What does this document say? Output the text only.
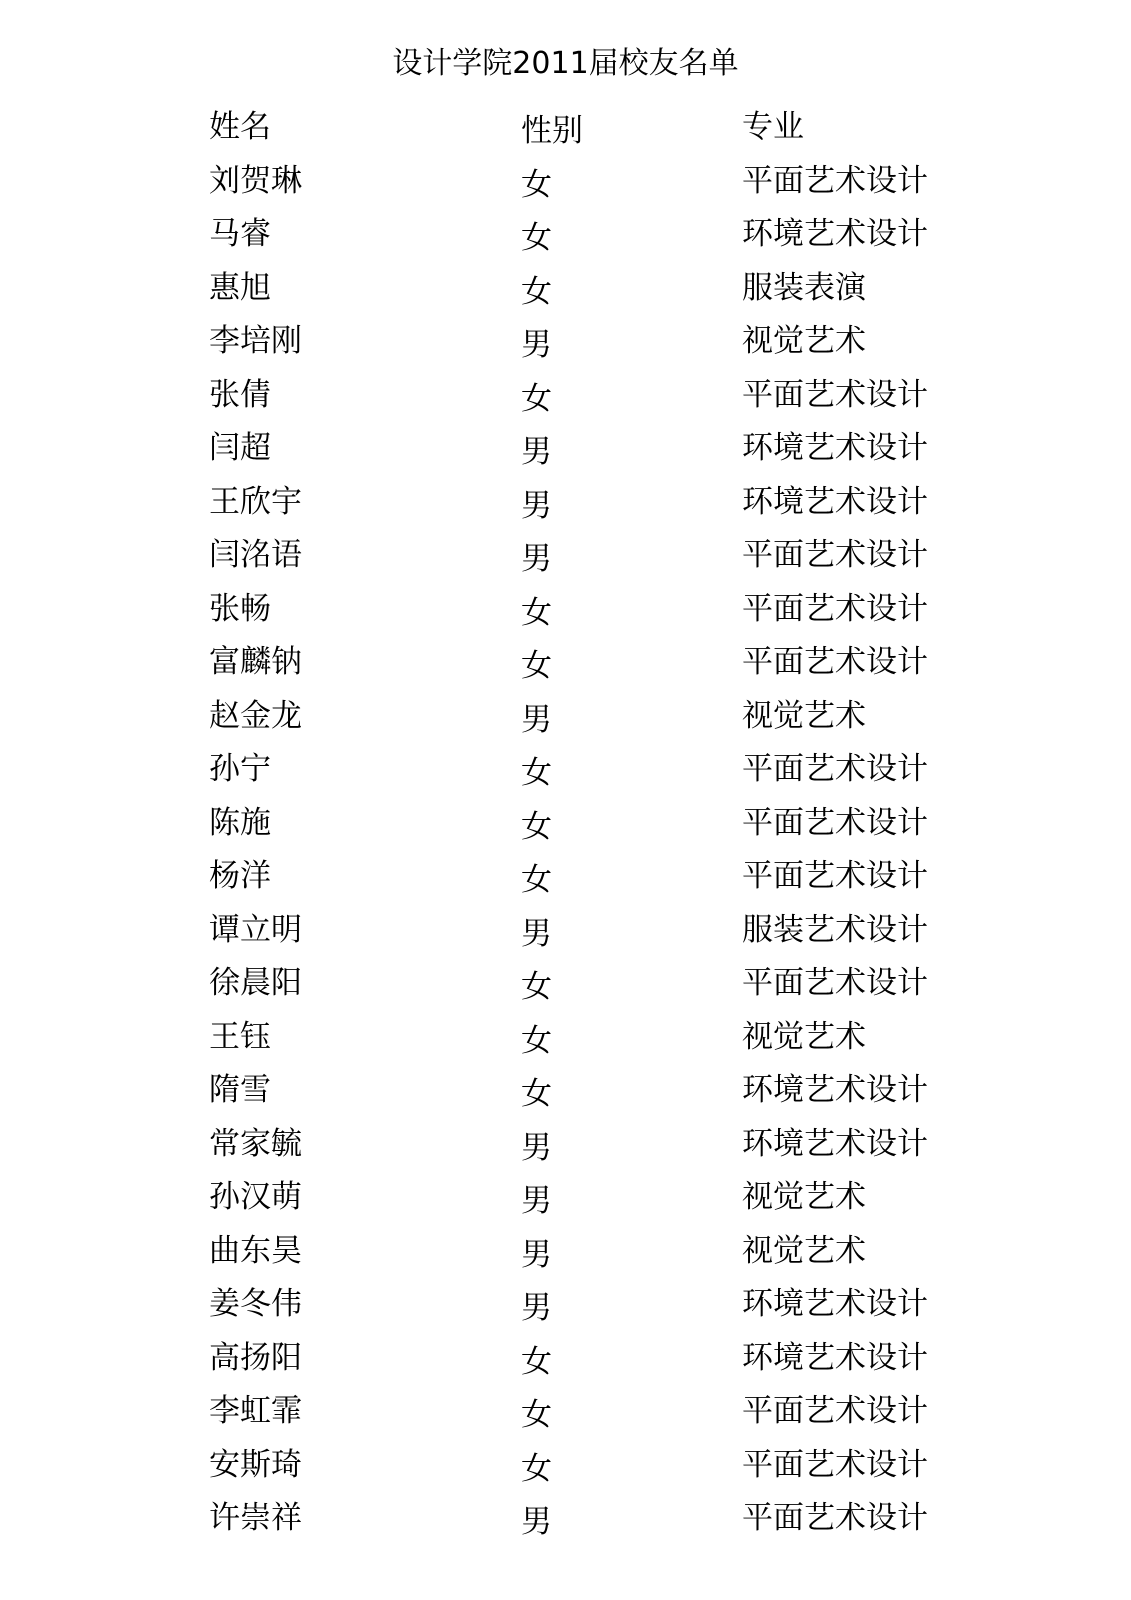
设计学院2011届校友名单
姓名	性别	专业
刘贺琳	女	平面艺术设计
马睿	女	环境艺术设计
惠旭	女	服装表演
李培刚	男	视觉艺术
张倩	女	平面艺术设计
闫超	男	环境艺术设计
王欣宇	男	环境艺术设计
闫洺语	男	平面艺术设计
张畅	女	平面艺术设计
富麟钠	女	平面艺术设计
赵金龙	男	视觉艺术
孙宁	女	平面艺术设计
陈施	女	平面艺术设计
杨洋	女	平面艺术设计
谭立明	男	服装艺术设计
徐晨阳	女	平面艺术设计
王钰	女	视觉艺术
隋雪	女	环境艺术设计
常家毓	男	环境艺术设计
孙汉萌	男	视觉艺术
曲东昊	男	视觉艺术
姜冬伟	男	环境艺术设计
高扬阳	女	环境艺术设计
李虹霏	女	平面艺术设计
安斯琦	女	平面艺术设计
许崇祥	男	平面艺术设计
